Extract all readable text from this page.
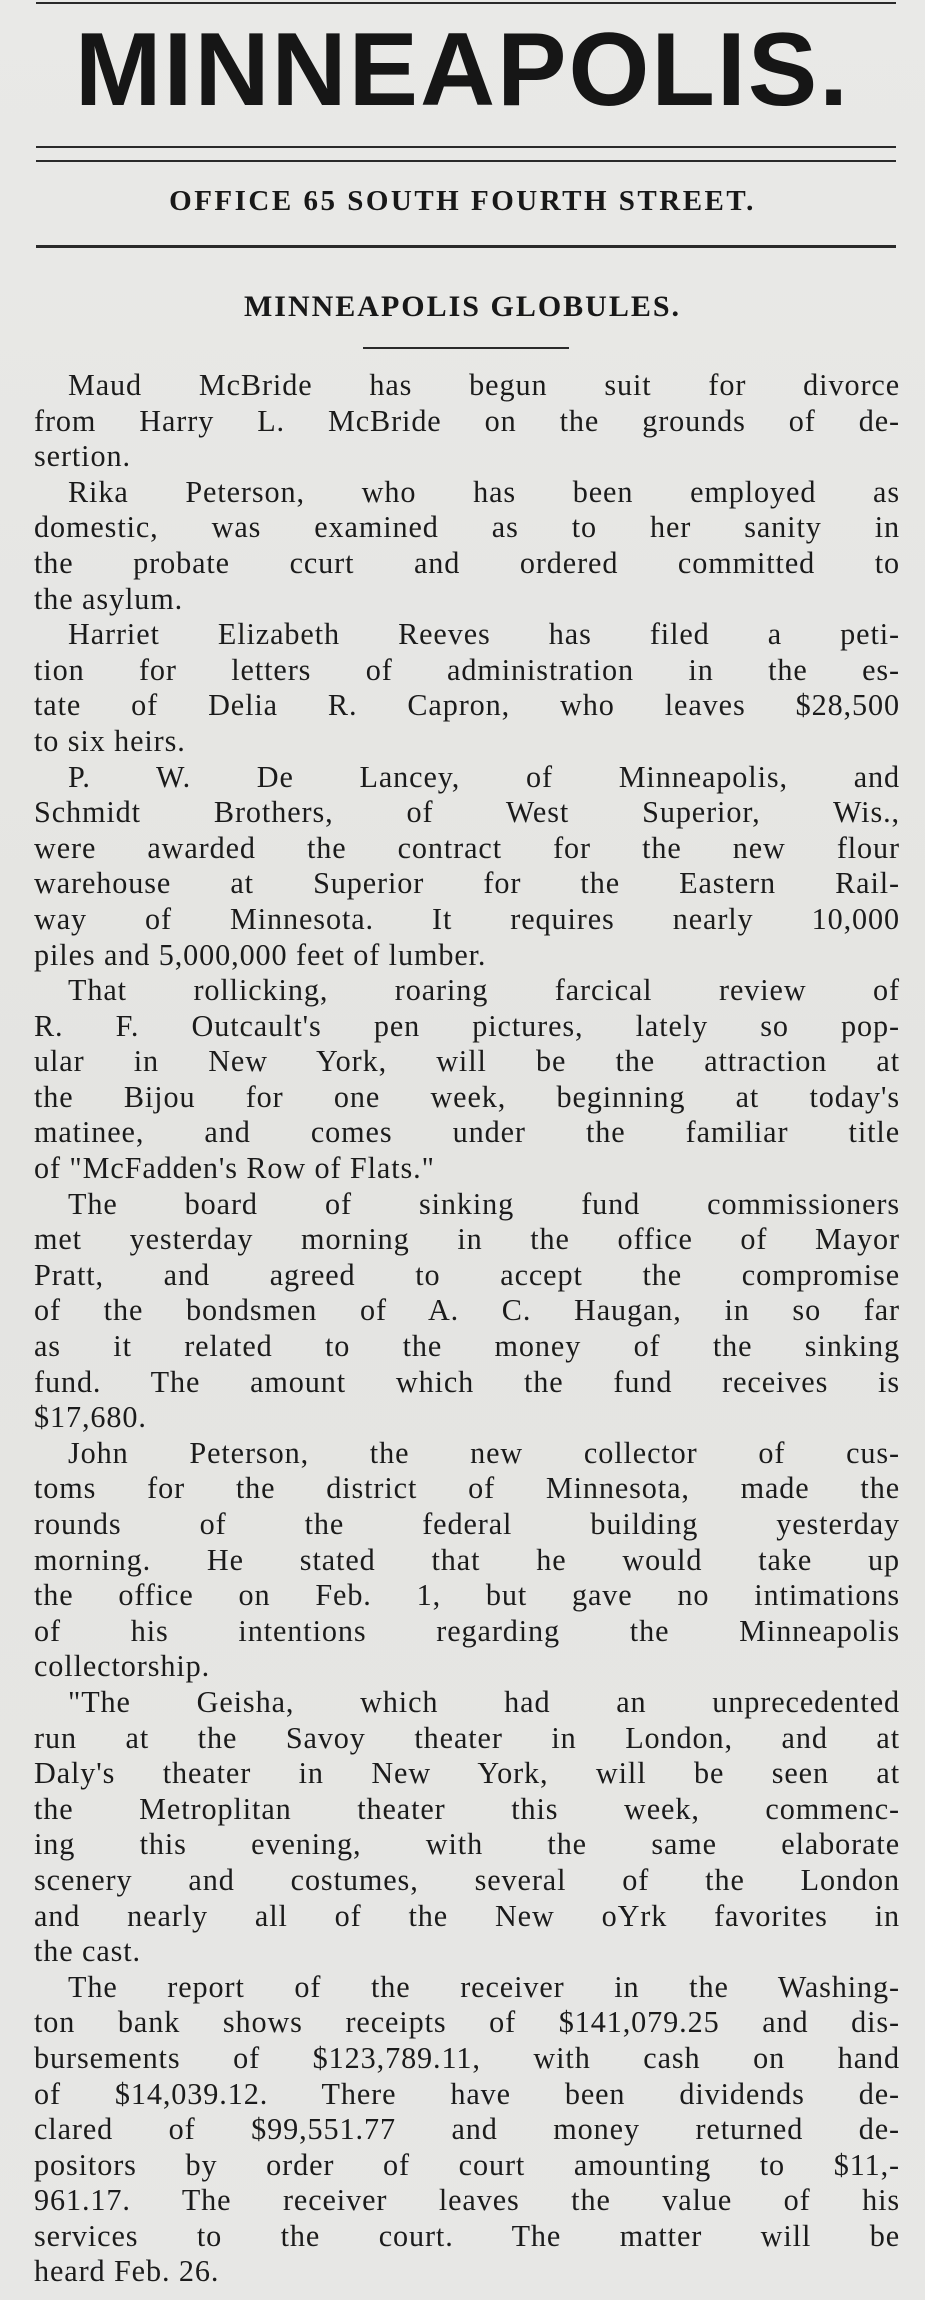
MINNEAPOLIS.
OFFICE 65 SOUTH FOURTH STREET.
MINNEAPOLIS GLOBULES.
Maud McBride has begun suit for divorce
from Harry L. McBride on the grounds of de-
sertion.
Rika Peterson, who has been employed as
domestic, was examined as to her sanity in
the probate ccurt and ordered committed to
the asylum.
Harriet Elizabeth Reeves has filed a peti-
tion for letters of administration in the es-
tate of Delia R. Capron, who leaves $28,500
to six heirs.
P. W. De Lancey, of Minneapolis, and
Schmidt Brothers, of West Superior, Wis.,
were awarded the contract for the new flour
warehouse at Superior for the Eastern Rail-
way of Minnesota. It requires nearly 10,000
piles and 5,000,000 feet of lumber.
That rollicking, roaring farcical review of
R. F. Outcault's pen pictures, lately so pop-
ular in New York, will be the attraction at
the Bijou for one week, beginning at today's
matinee, and comes under the familiar title
of "McFadden's Row of Flats."
The board of sinking fund commissioners
met yesterday morning in the office of Mayor
Pratt, and agreed to accept the compromise
of the bondsmen of A. C. Haugan, in so far
as it related to the money of the sinking
fund. The amount which the fund receives is
$17,680.
John Peterson, the new collector of cus-
toms for the district of Minnesota, made the
rounds of the federal building yesterday
morning. He stated that he would take up
the office on Feb. 1, but gave no intimations
of his intentions regarding the Minneapolis
collectorship.
"The Geisha, which had an unprecedented
run at the Savoy theater in London, and at
Daly's theater in New York, will be seen at
the Metroplitan theater this week, commenc-
ing this evening, with the same elaborate
scenery and costumes, several of the London
and nearly all of the New oYrk favorites in
the cast.
The report of the receiver in the Washing-
ton bank shows receipts of $141,079.25 and dis-
bursements of $123,789.11, with cash on hand
of $14,039.12. There have been dividends de-
clared of $99,551.77 and money returned de-
positors by order of court amounting to $11,-
961.17. The receiver leaves the value of his
services to the court. The matter will be
heard Feb. 26.
